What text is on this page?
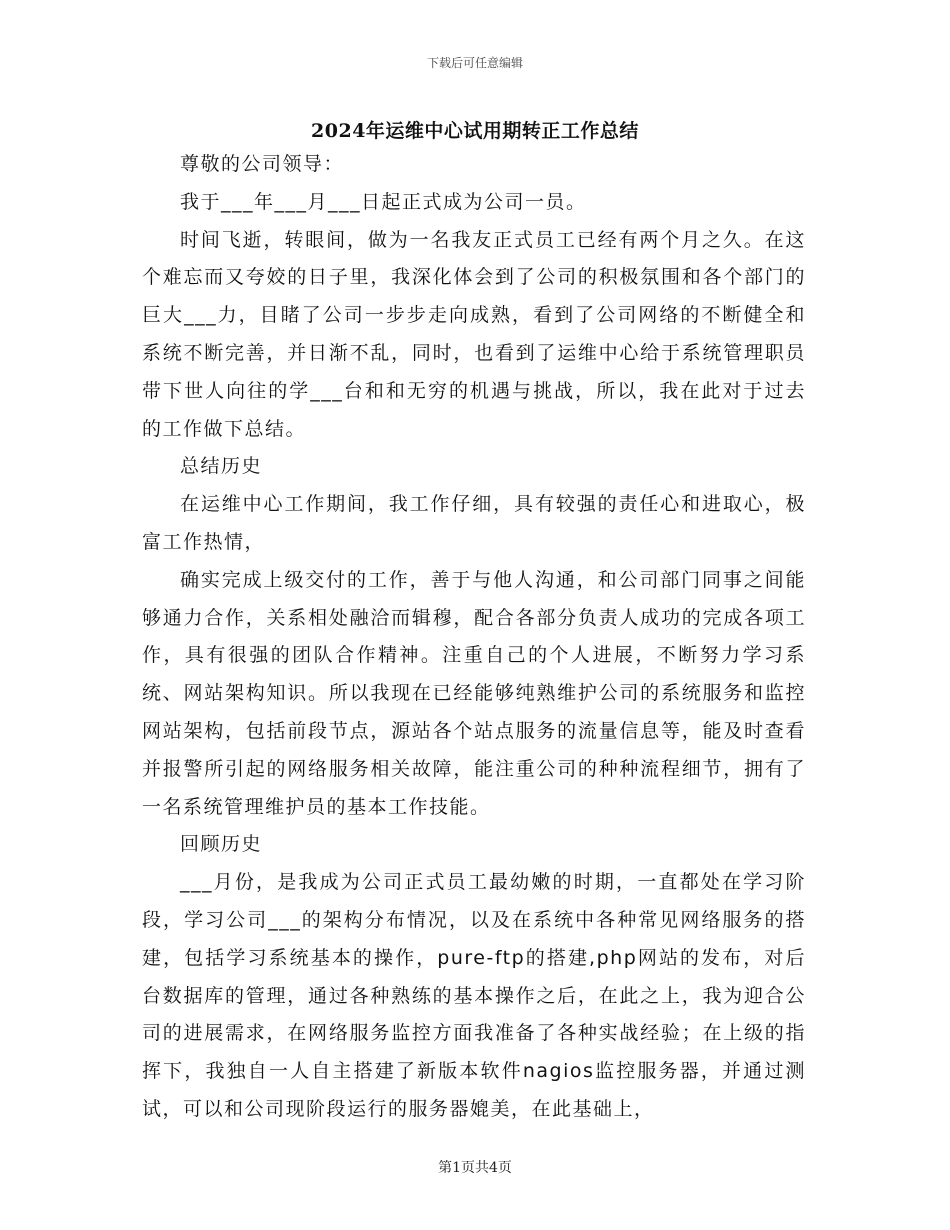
下载后可任意编辑
2024年运维中心试用期转正工作总结

尊敬的公司领导：

我于___年___月___日起正式成为公司一员。

时间飞逝，转眼间，做为一名我友正式员工已经有两个月之久。在这个难忘而又夸姣的日子里，我深化体会到了公司的积极氛围和各个部门的巨大___力，目睹了公司一步步走向成熟，看到了公司网络的不断健全和系统不断完善，并日渐不乱，同时，也看到了运维中心给于系统管理职员带下世人向往的学___台和和无穷的机遇与挑战，所以，我在此对于过去的工作做下总结。

总结历史

在运维中心工作期间，我工作仔细，具有较强的责任心和进取心，极富工作热情，

确实完成上级交付的工作，善于与他人沟通，和公司部门同事之间能够通力合作，关系相处融洽而辑穆，配合各部分负责人成功的完成各项工作，具有很强的团队合作精神。注重自己的个人进展，不断努力学习系统、网站架构知识。所以我现在已经能够纯熟维护公司的系统服务和监控网站架构，包括前段节点，源站各个站点服务的流量信息等，能及时查看并报警所引起的网络服务相关故障，能注重公司的种种流程细节，拥有了一名系统管理维护员的基本工作技能。

回顾历史

___月份，是我成为公司正式员工最幼嫩的时期，一直都处在学习阶段，学习公司___的架构分布情况，以及在系统中各种常见网络服务的搭建，包括学习系统基本的操作，pure-ftp的搭建,php网站的发布，对后台数据库的管理，通过各种熟练的基本操作之后，在此之上，我为迎合公司的进展需求，在网络服务监控方面我准备了各种实战经验；在上级的指挥下，我独自一人自主搭建了新版本软件nagios监控服务器，并通过测试，可以和公司现阶段运行的服务器媲美，在此基础上，

第1页共4页
